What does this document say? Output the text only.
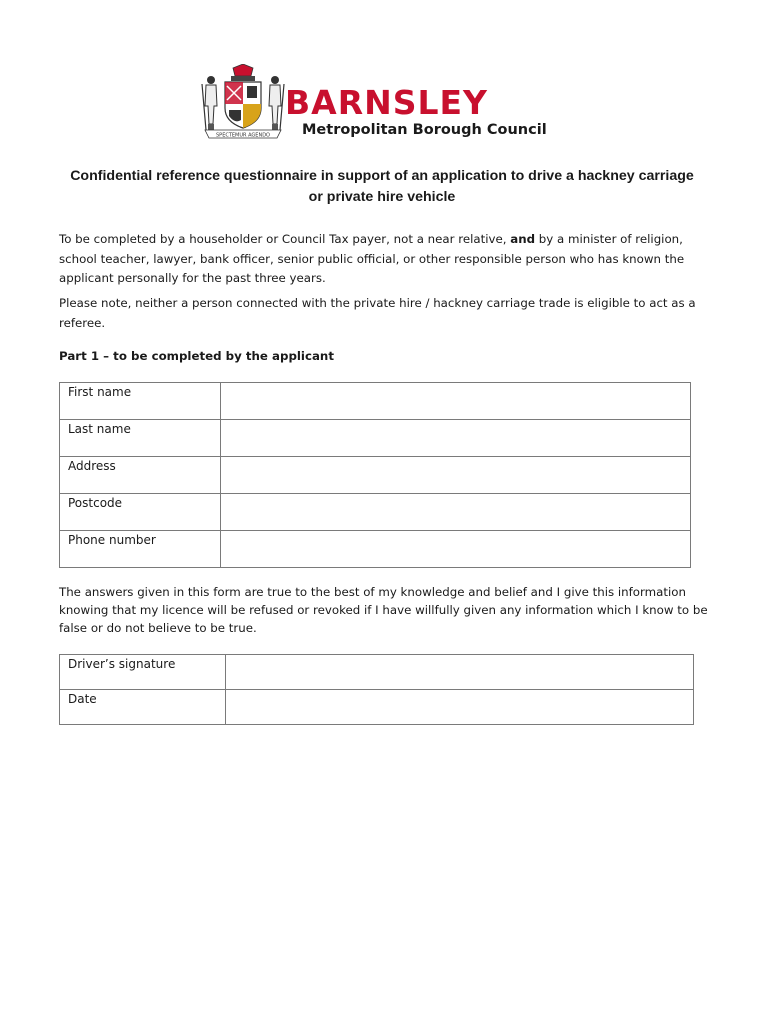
SPECTEMUR AGENDO
BARNSLEY
Metropolitan Borough Council
Confidential reference questionnaire in support of an application to drive a hackney carriage
or private hire vehicle
To be completed by a householder or Council Tax payer, not a near relative, and by a minister of religion, school teacher, lawyer, bank officer, senior public official, or other responsible person who has known the applicant personally for the past three years.
Please note, neither a person connected with the private hire / hackney carriage trade is eligible to act as a referee.
Part 1 – to be completed by the applicant
First name	
Last name	
Address	
Postcode	
Phone number	
The answers given in this form are true to the best of my knowledge and belief and I give this information knowing that my licence will be refused or revoked if I have willfully given any information which I know to be false or do not believe to be true.
Driver’s signature	
Date	
